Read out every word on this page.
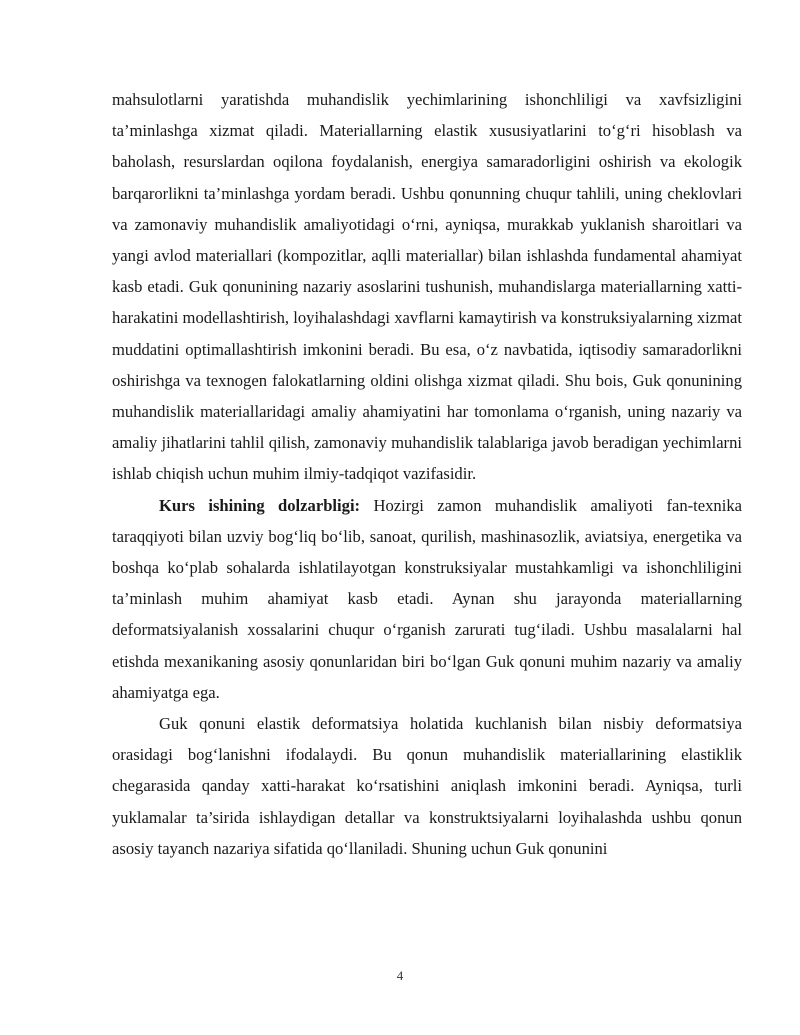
mahsulotlarni yaratishda muhandislik yechimlarining ishonchliligi va xavfsizligini ta’minlashga xizmat qiladi. Materiallarning elastik xususiyatlarini to‘g‘ri hisoblash va baholash, resurslardan oqilona foydalanish, energiya samaradorligini oshirish va ekologik barqarorlikni ta’minlashga yordam beradi. Ushbu qonunning chuqur tahlili, uning cheklovlari va zamonaviy muhandislik amaliyotidagi o‘rni, ayniqsa, murakkab yuklanish sharoitlari va yangi avlod materiallari (kompozitlar, aqlli materiallar) bilan ishlashda fundamental ahamiyat kasb etadi. Guk qonunining nazariy asoslarini tushunish, muhandislarga materiallarning xatti-harakatini modellashtirish, loyihalashdagi xavflarni kamaytirish va konstruksiyalarning xizmat muddatini optimallashtirish imkonini beradi. Bu esa, o‘z navbatida, iqtisodiy samaradorlikni oshirishga va texnogen falokatlarning oldini olishga xizmat qiladi. Shu bois, Guk qonunining muhandislik materiallaridagi amaliy ahamiyatini har tomonlama o‘rganish, uning nazariy va amaliy jihatlarini tahlil qilish, zamonaviy muhandislik talablariga javob beradigan yechimlarni ishlab chiqish uchun muhim ilmiy-tadqiqot vazifasidir.

Kurs ishining dolzarbligi: Hozirgi zamon muhandislik amaliyoti fan-texnika taraqqiyoti bilan uzviy bog‘liq bo‘lib, sanoat, qurilish, mashinasozlik, aviatsiya, energetika va boshqa ko‘plab sohalarda ishlatilayotgan konstruksiyalar mustahkamligi va ishonchliligini ta’minlash muhim ahamiyat kasb etadi. Aynan shu jarayonda materiallarning deformatsiyalanish xossalarini chuqur o‘rganish zarurati tug‘iladi. Ushbu masalalarni hal etishda mexanikaning asosiy qonunlaridan biri bo‘lgan Guk qonuni muhim nazariy va amaliy ahamiyatga ega.

Guk qonuni elastik deformatsiya holatida kuchlanish bilan nisbiy deformatsiya orasidagi bog‘lanishni ifodalaydi. Bu qonun muhandislik materiallarining elastiklik chegarasida qanday xatti-harakat ko‘rsatishini aniqlash imkonini beradi. Ayniqsa, turli yuklamalar ta’sirida ishlaydigan detallar va konstruktsiyalarni loyihalashda ushbu qonun asosiy tayanch nazariya sifatida qo‘llaniladi. Shuning uchun Guk qonunini

4
